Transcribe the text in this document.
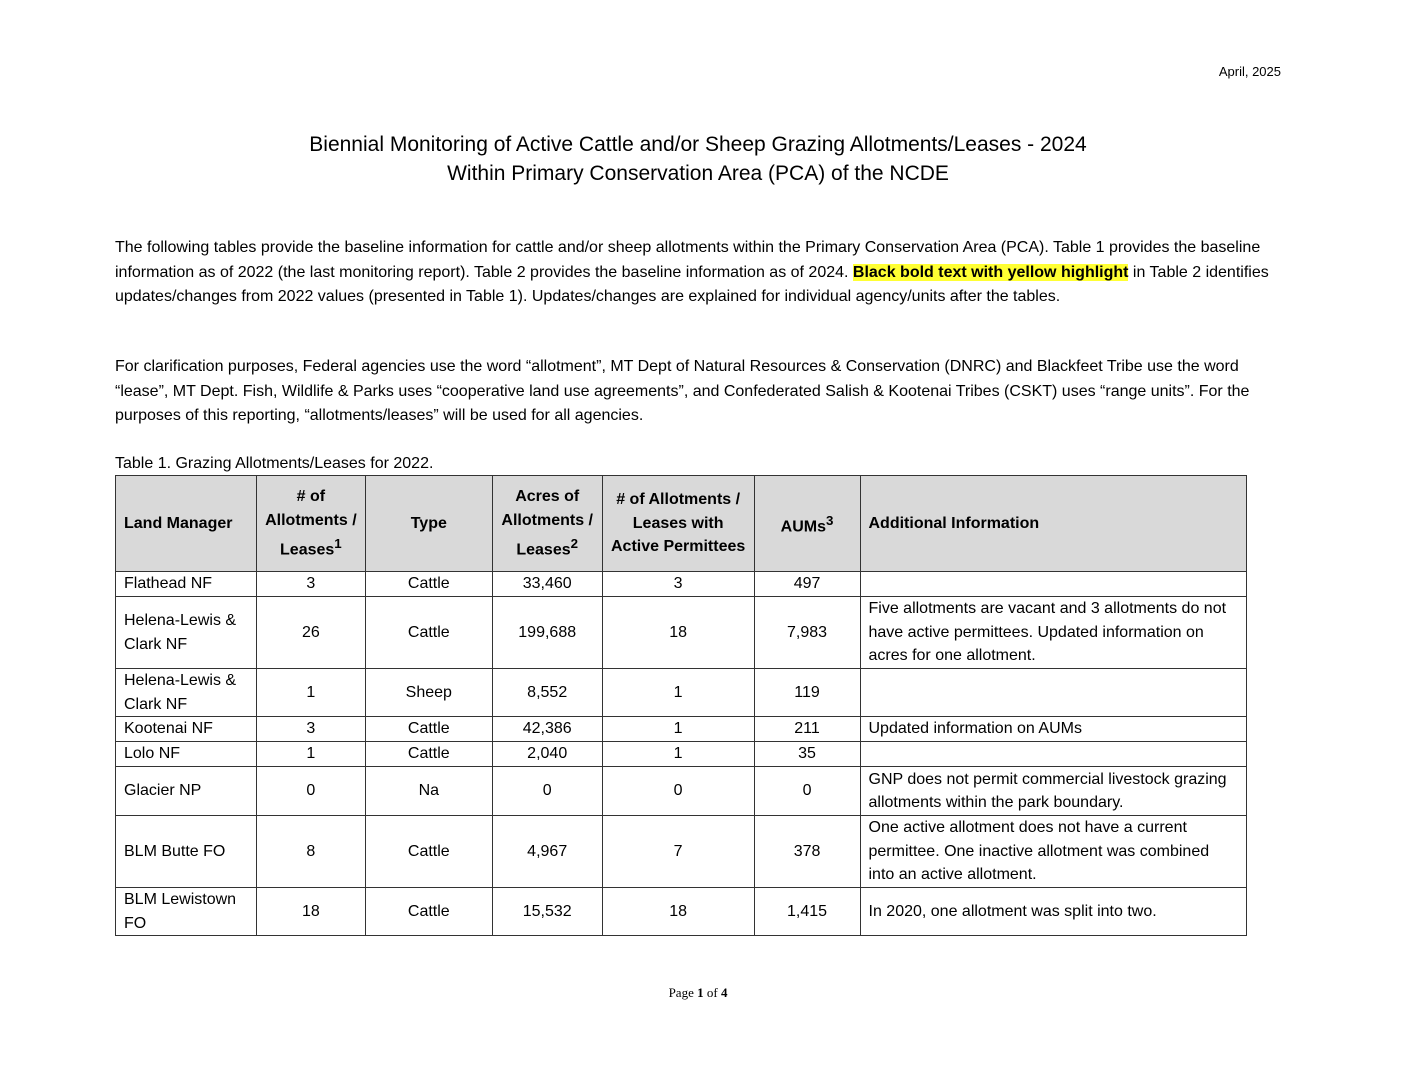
April, 2025
Biennial Monitoring of Active Cattle and/or Sheep Grazing Allotments/Leases - 2024
Within Primary Conservation Area (PCA) of the NCDE
The following tables provide the baseline information for cattle and/or sheep allotments within the Primary Conservation Area (PCA). Table 1 provides the baseline information as of 2022 (the last monitoring report). Table 2 provides the baseline information as of 2024. Black bold text with yellow highlight in Table 2 identifies updates/changes from 2022 values (presented in Table 1). Updates/changes are explained for individual agency/units after the tables.
For clarification purposes, Federal agencies use the word “allotment”, MT Dept of Natural Resources & Conservation (DNRC) and Blackfeet Tribe use the word “lease”, MT Dept. Fish, Wildlife & Parks uses “cooperative land use agreements”, and Confederated Salish & Kootenai Tribes (CSKT) uses “range units”. For the purposes of this reporting, “allotments/leases” will be used for all agencies.
Table 1. Grazing Allotments/Leases for 2022.
Land Manager	# of Allotments / Leases$^1$	Type	Acres of Allotments / Leases$^2$	# of Allotments / Leases with Active Permittees	AUMs$^3$	Additional Information
Flathead NF	3	Cattle	33,460	3	497	
Helena-Lewis & Clark NF	26	Cattle	199,688	18	7,983	Five allotments are vacant and 3 allotments do not have active permittees. Updated information on acres for one allotment.
Helena-Lewis & Clark NF	1	Sheep	8,552	1	119	
Kootenai NF	3	Cattle	42,386	1	211	Updated information on AUMs
Lolo NF	1	Cattle	2,040	1	35	
Glacier NP	0	Na	0	0	0	GNP does not permit commercial livestock grazing allotments within the park boundary.
BLM Butte FO	8	Cattle	4,967	7	378	One active allotment does not have a current permittee. One inactive allotment was combined into an active allotment.
BLM Lewistown FO	18	Cattle	15,532	18	1,415	In 2020, one allotment was split into two.
Page 1 of 4
